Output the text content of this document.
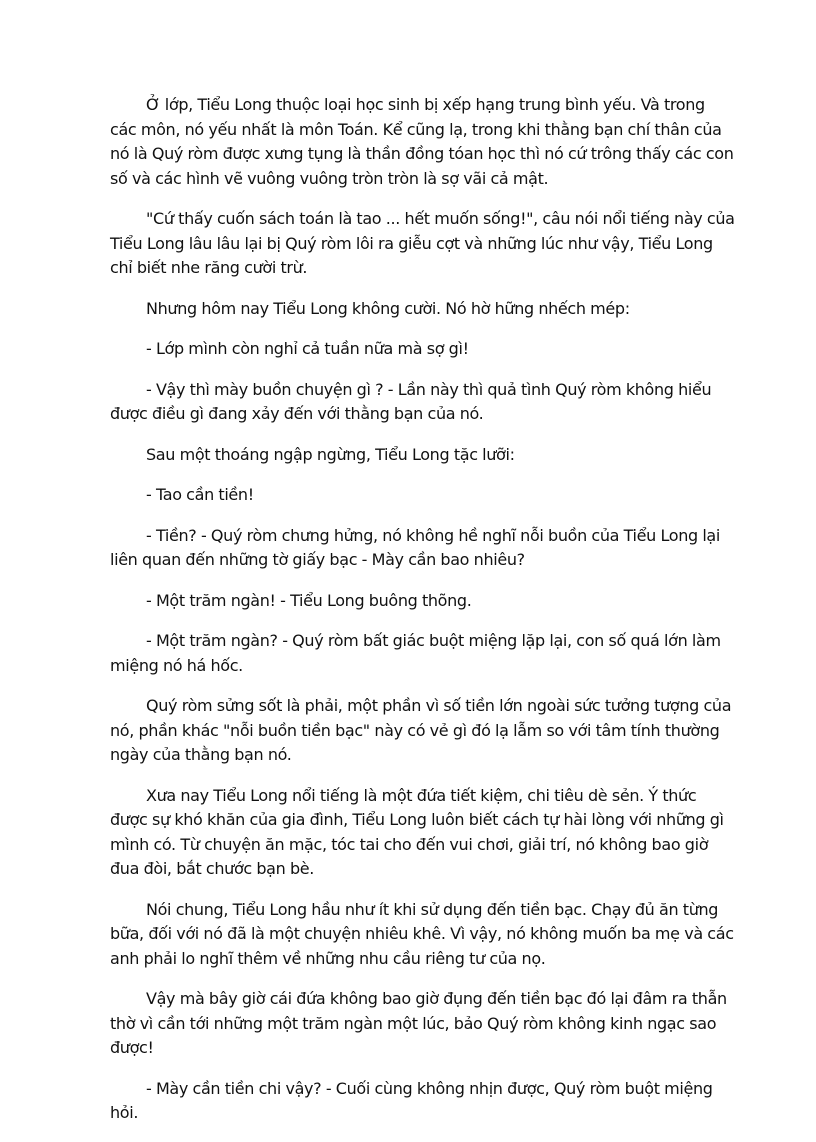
Ở lớp, Tiểu Long thuộc loại học sinh bị xếp hạng trung bình yếu. Và trong các môn, nó yếu nhất là môn Toán. Kể cũng lạ, trong khi thằng bạn chí thân của nó là Quý ròm được xưng tụng là thần đồng tóan học thì nó cứ trông thấy các con số và các hình vẽ vuông vuông tròn tròn là sợ vãi cả mật.

"Cứ thấy cuốn sách toán là tao ... hết muốn sống!", câu nói nổi tiếng này của Tiểu Long lâu lâu lại bị Quý ròm lôi ra giễu cợt và những lúc như vậy, Tiểu Long chỉ biết nhe răng cười trừ.

Nhưng hôm nay Tiểu Long không cười. Nó hờ hững nhếch mép:

- Lớp mình còn nghỉ cả tuần nữa mà sợ gì!

- Vậy thì mày buồn chuyện gì ? - Lần này thì quả tình Quý ròm không hiểu được điều gì đang xảy đến với thằng bạn của nó.

Sau một thoáng ngập ngừng, Tiểu Long tặc lưỡi:

- Tao cần tiền!

- Tiền? - Quý ròm chưng hửng, nó không hề nghĩ nỗi buồn của Tiểu Long lại liên quan đến những tờ giấy bạc - Mày cần bao nhiêu?

- Một trăm ngàn! - Tiểu Long buông thõng.

- Một trăm ngàn? - Quý ròm bất giác buột miệng lặp lại, con số quá lớn làm miệng nó há hốc.

Quý ròm sửng sốt là phải, một phần vì số tiền lớn ngoài sức tưởng tượng của nó, phần khác "nỗi buồn tiền bạc" này có vẻ gì đó lạ lẫm so với tâm tính thường ngày của thằng bạn nó.

Xưa nay Tiểu Long nổi tiếng là một đứa tiết kiệm, chi tiêu dè sẻn. Ý thức được sự khó khăn của gia đình, Tiểu Long luôn biết cách tự hài lòng với những gì mình có. Từ chuyện ăn mặc, tóc tai cho đến vui chơi, giải trí, nó không bao giờ đua đòi, bắt chước bạn bè.

Nói chung, Tiểu Long hầu như ít khi sử dụng đến tiền bạc. Chạy đủ ăn từng bữa, đối với nó đã là một chuyện nhiêu khê. Vì vậy, nó không muốn ba mẹ và các anh phải lo nghĩ thêm về những nhu cầu riêng tư của nọ.

Vậy mà bây giờ cái đứa không bao giờ đụng đến tiền bạc đó lại đâm ra thẫn thờ vì cần tới những một trăm ngàn một lúc, bảo Quý ròm không kinh ngạc sao được!

- Mày cần tiền chi vậy? - Cuối cùng không nhịn được, Quý ròm buột miệng hỏi.
